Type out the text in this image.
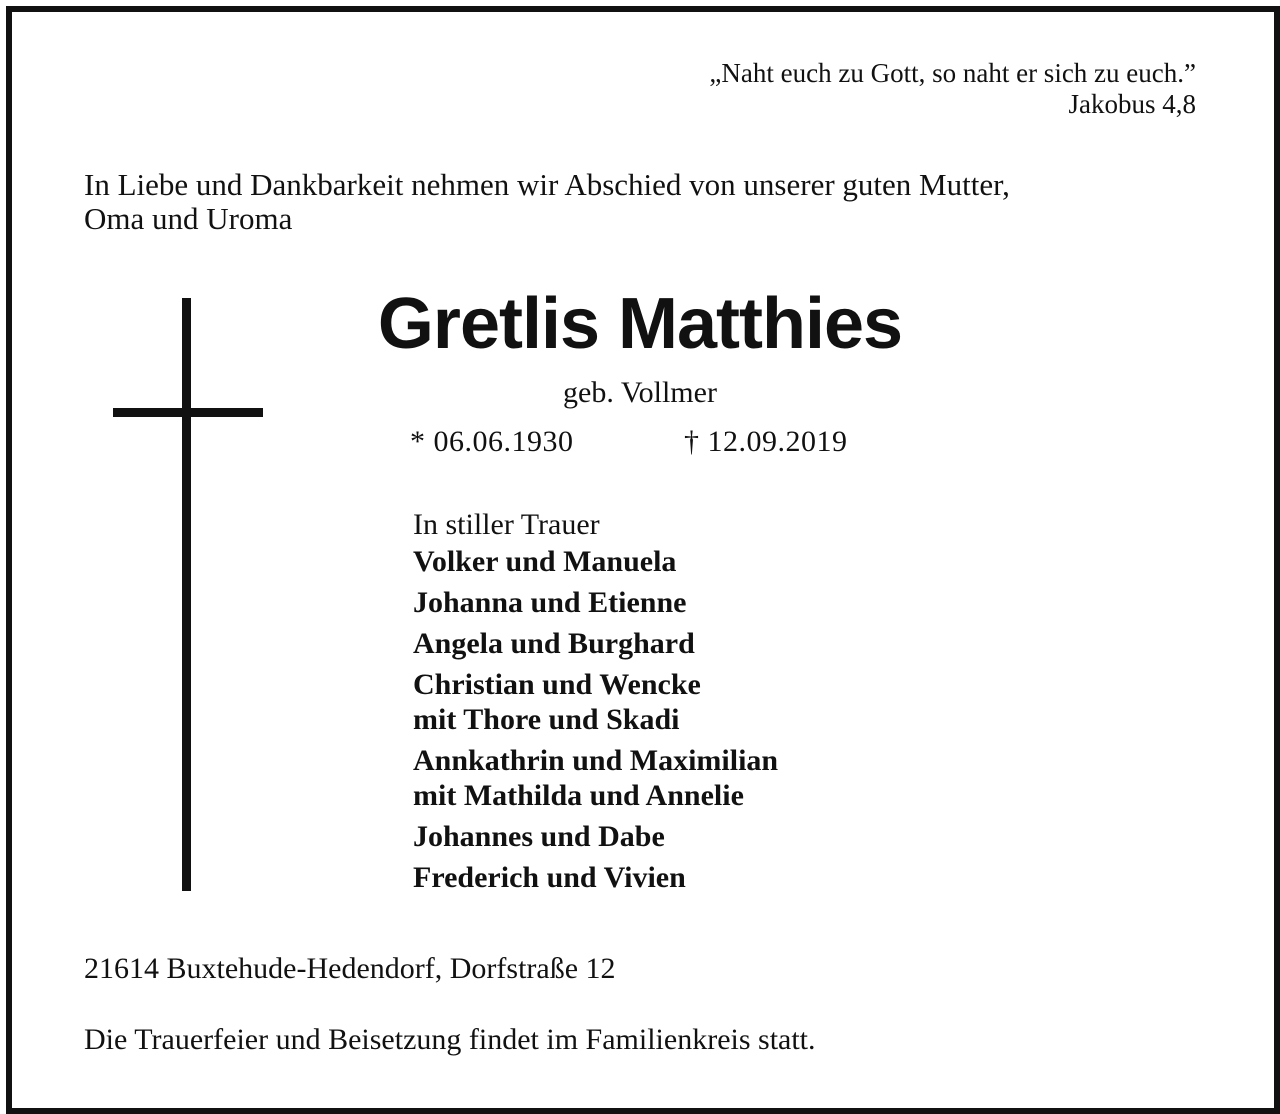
„Naht euch zu Gott, so naht er sich zu euch.”
Jakobus 4,8
In Liebe und Dankbarkeit nehmen wir Abschied von unserer guten Mutter,
Oma und Uroma
Gretlis Matthies
geb. Vollmer
* 06.06.1930	† 12.09.2019
In stiller Trauer
Volker und Manuela
Johanna und Etienne
Angela und Burghard
Christian und Wencke
mit Thore und Skadi
Annkathrin und Maximilian
mit Mathilda und Annelie
Johannes und Dabe
Frederich und Vivien
21614 Buxtehude-Hedendorf, Dorfstraße 12
Die Trauerfeier und Beisetzung findet im Familienkreis statt.
